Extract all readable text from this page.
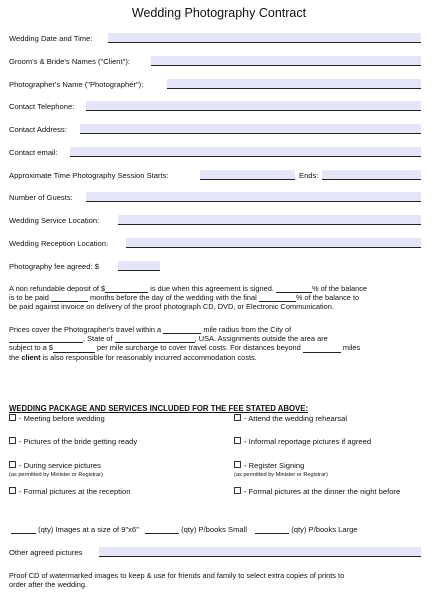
Wedding Photography Contract
Wedding Date and Time:
Groom's & Bride's Names ("Client"):
Photographer's Name ("Photographer"):
Contact Telephone:
Contact Address:
Contact email:
Approximate Time Photography Session Starts:	Ends:
Number of Guests:
Wedding Service Location:
Wedding Reception Location:
Photography fee agreed: $
A non refundable deposit of $	is due when this agreement is signed.	% of the balance
is to be paid	months before the day of the wedding with the final	% of the balance to
be paid against invoice on delivery of the proof photograph CD, DVD, or Electronic Communication.
Prices cover the Photographer's travel within a	mile radius from the City of
, State of	, USA. Assignments outside the area are
subject to a $	per mile surcharge to cover travel costs. For distances beyond	miles
the client is also responsible for reasonably incurred accommodation costs.
WEDDING PACKAGE AND SERVICES INCLUDED FOR THE FEE STATED ABOVE:
- Meeting before wedding
- Pictures of the bride getting ready
- During service pictures
(as permitted by Minister or Registrar)
- Formal pictures at the reception
- Attend the wedding rehearsal
- Informal reportage pictures if agreed
- Register Signing
(as permitted by Minister or Registrar)
- Formal pictures at the dinner the night before
(qty) Images at a size of 9"x6"	(qty) P/books Small	(qty) P/books Large
Other agreed pictures
Proof CD of watermarked images to keep & use for friends and family to select extra copies of prints to
order after the wedding.
